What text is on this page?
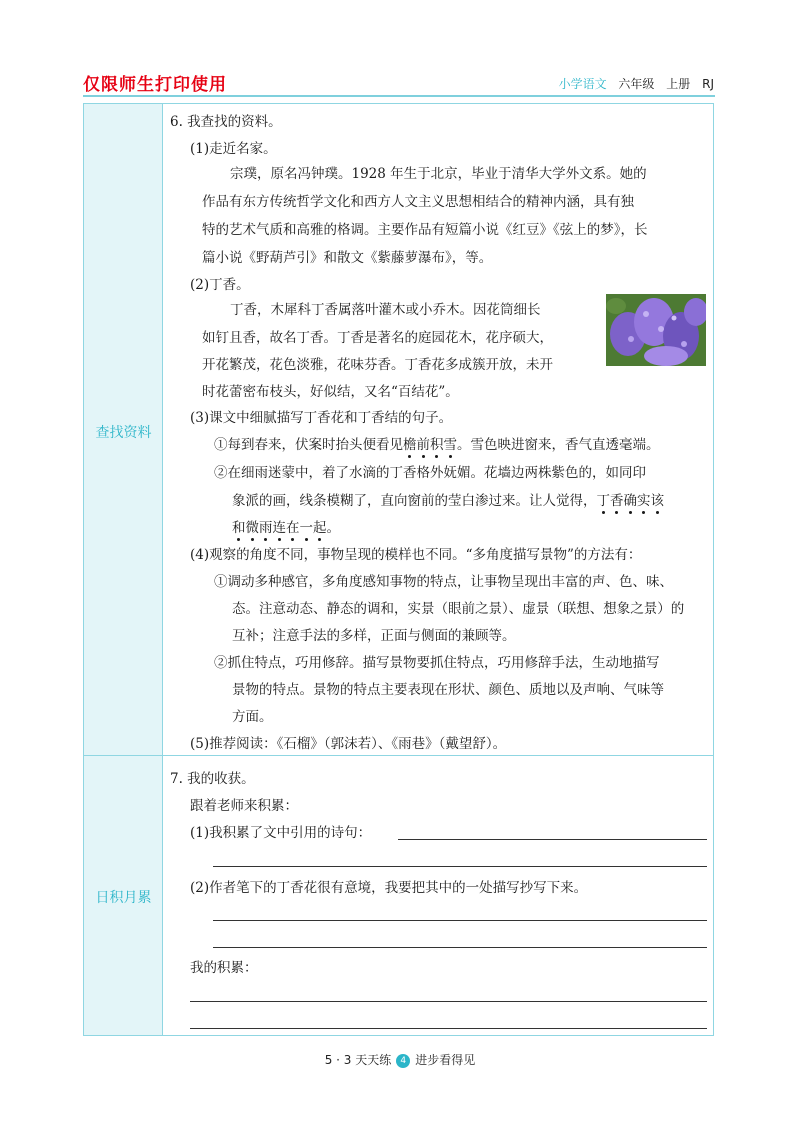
仅限师生打印使用	小学语文 六年级 上册 RJ
查找资料
日积月累
6. 我查找的资料。
(1)走近名家。
宗璞，原名冯钟璞。1928 年生于北京，毕业于清华大学外文系。她的
作品有东方传统哲学文化和西方人文主义思想相结合的精神内涵，具有独
特的艺术气质和高雅的格调。主要作品有短篇小说《红豆》《弦上的梦》，长
篇小说《野葫芦引》和散文《紫藤萝瀑布》，等。
(2)丁香。
丁香，木犀科丁香属落叶灌木或小乔木。因花筒细长
如钉且香，故名丁香。丁香是著名的庭园花木，花序硕大，
开花繁茂，花色淡雅，花味芬香。丁香花多成簇开放，未开
时花蕾密布枝头，好似结，又名“百结花”。
(3)课文中细腻描写丁香花和丁香结的句子。
①每到春来，伏案时抬头便看见檐前积雪。雪色映进窗来，香气直透毫端。
②在细雨迷蒙中，着了水滴的丁香格外妩媚。花墙边两株紫色的，如同印
象派的画，线条模糊了，直向窗前的莹白渗过来。让人觉得，丁香确实该
和微雨连在一起。
(4)观察的角度不同，事物呈现的模样也不同。“多角度描写景物”的方法有：
①调动多种感官，多角度感知事物的特点，让事物呈现出丰富的声、色、味、
态。注意动态、静态的调和，实景（眼前之景）、虚景（联想、想象之景）的
互补；注意手法的多样，正面与侧面的兼顾等。
②抓住特点，巧用修辞。描写景物要抓住特点，巧用修辞手法，生动地描写
景物的特点。景物的特点主要表现在形状、颜色、质地以及声响、气味等
方面。
(5)推荐阅读：《石榴》（郭沫若）、《雨巷》（戴望舒）。
7. 我的收获。
跟着老师来积累：
(1)我积累了文中引用的诗句：
(2)作者笔下的丁香花很有意境，我要把其中的一处描写抄写下来。
我的积累：
5 · 3 天天练 4 进步看得见
